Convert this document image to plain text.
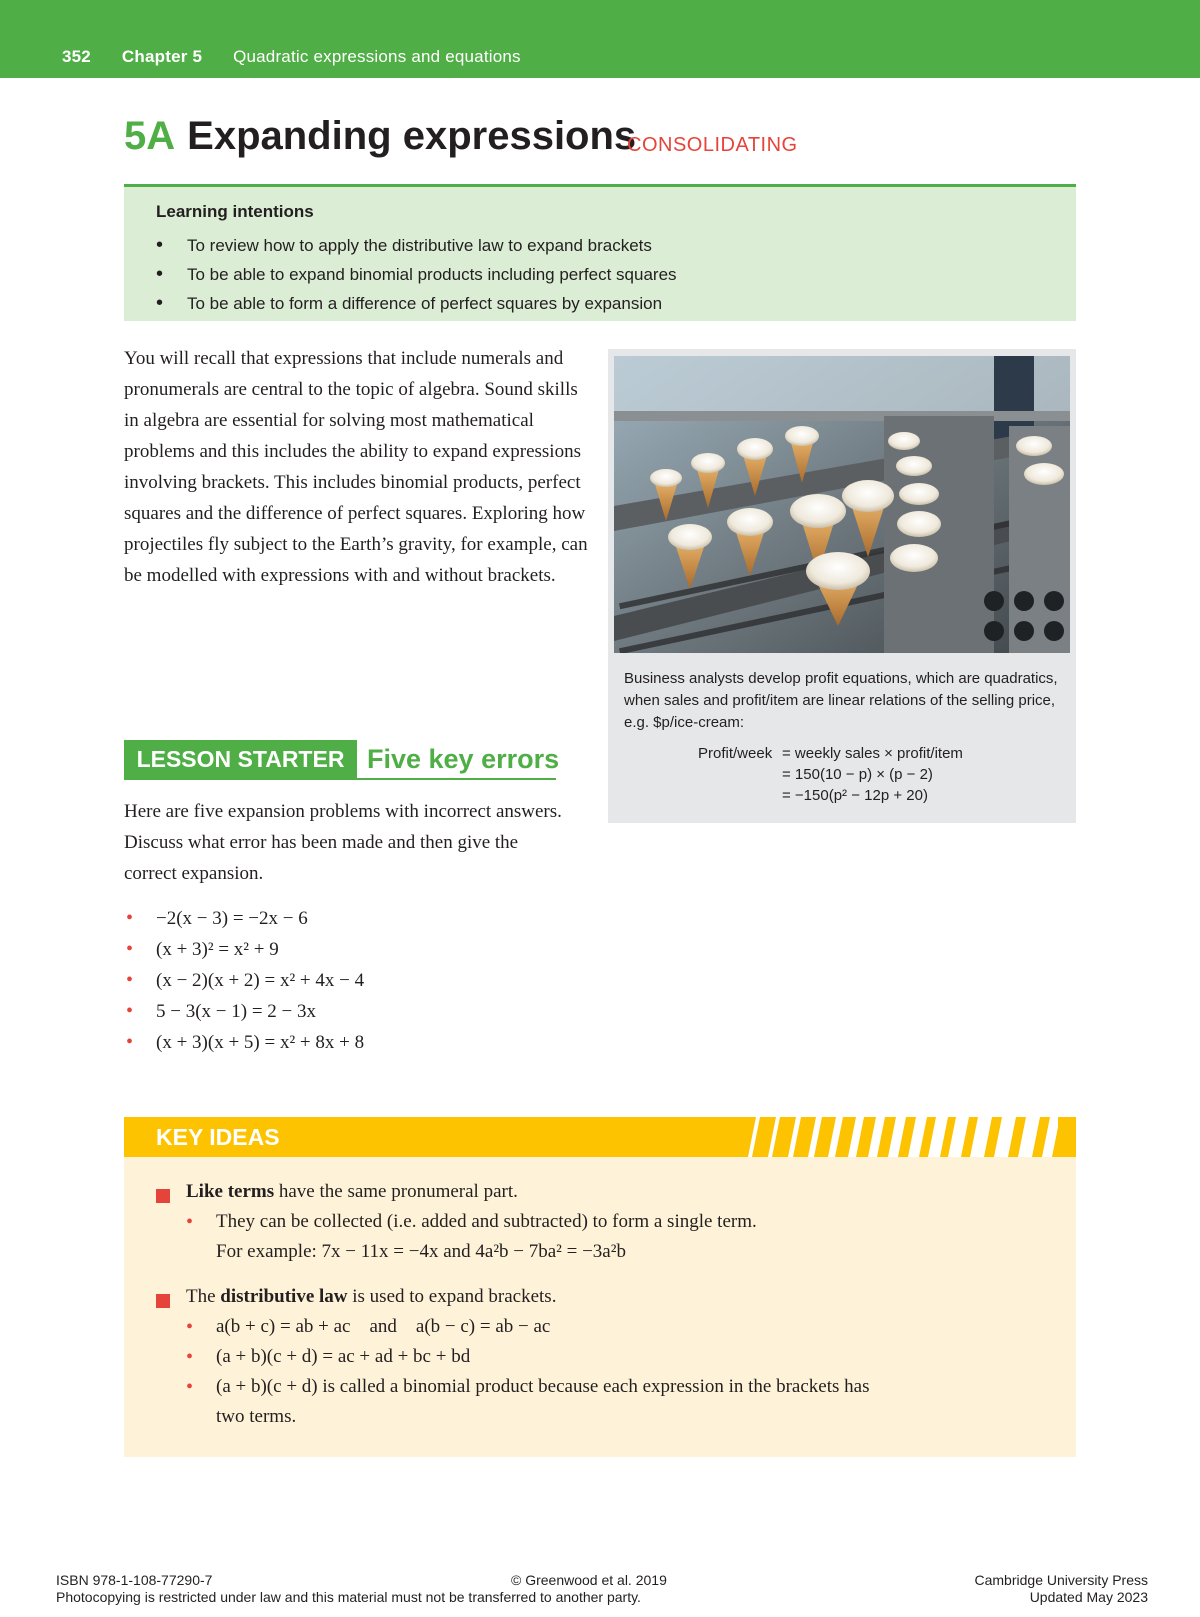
352 Chapter 5 Quadratic expressions and equations
5A Expanding expressions
CONSOLIDATING
Learning intentions
• To review how to apply the distributive law to expand brackets
• To be able to expand binomial products including perfect squares
• To be able to form a difference of perfect squares by expansion

You will recall that expressions that include numerals and pronumerals are central to the topic of algebra. Sound skills in algebra are essential for solving most mathematical problems and this includes the ability to expand expressions involving brackets. This includes binomial products, perfect squares and the difference of perfect squares. Exploring how projectiles fly subject to the Earth’s gravity, for example, can be modelled with expressions with and without brackets.

Business analysts develop profit equations, which are quadratics, when sales and profit/item are linear relations of the selling price, e.g. $p/ice-cream:
Profit/week = weekly sales × profit/item
= 150(10 − p) × (p − 2)
= −150(p² − 12p + 20)
LESSON STARTER Five key errors

Here are five expansion problems with incorrect answers. Discuss what error has been made and then give the correct expansion.

• −2(x − 3) = −2x − 6
• (x + 3)² = x² + 9
• (x − 2)(x + 2) = x² + 4x − 4
• 5 − 3(x − 1) = 2 − 3x
• (x + 3)(x + 5) = x² + 8x + 8
KEY IDEAS
Like terms have the same pronumeral part.
• They can be collected (i.e. added and subtracted) to form a single term.
For example: 7x − 11x = −4x and 4a²b − 7ba² = −3a²b
The distributive law is used to expand brackets.
• a(b + c) = ab + ac    and    a(b − c) = ab − ac
• (a + b)(c + d) = ac + ad + bc + bd
• (a + b)(c + d) is called a binomial product because each expression in the brackets has
two terms.
ISBN 978-1-108-77290-7
Photocopying is restricted under law and this material must not be transferred to another party.
© Greenwood et al. 2019	Cambridge University Press
Updated May 2023
